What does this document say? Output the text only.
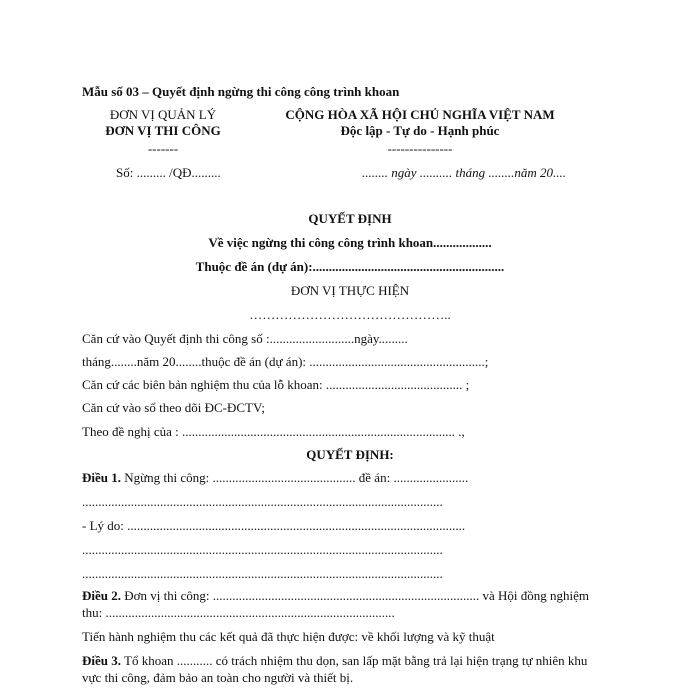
Mẫu số 03 – Quyết định ngừng thi công công trình khoan
ĐƠN VỊ QUẢN LÝ
ĐƠN VỊ THI CÔNG
-------
Số: ......... /QĐ.........
CỘNG HÒA XÃ HỘI CHỦ NGHĨA VIỆT NAM
Độc lập - Tự do - Hạnh phúc
---------------
........ ngày .......... tháng ........năm 20....
QUYẾT ĐỊNH
Về việc ngừng thi công công trình khoan..................
Thuộc đề án (dự án):...........................................................
ĐƠN VỊ THỰC HIỆN
………………………………………..
Căn cứ vào Quyết định thi công số :..........................ngày.........
tháng........năm 20........thuộc đề án (dự án): ......................................................;
Căn cứ các biên bản nghiệm thu của lỗ khoan: .......................................... ;
Căn cứ vào sổ theo dõi ĐC-ĐCTV;
Theo đề nghị của : .................................................................................... .,
QUYẾT ĐỊNH:
Điều 1. Ngừng thi công: ............................................ đề án: .......................
...............................................................................................................
- Lý do: ........................................................................................................
...............................................................................................................
...............................................................................................................
Điều 2. Đơn vị thi công: .................................................................................. và Hội đồng nghiệm
thu: .........................................................................................
Tiến hành nghiệm thu các kết quả đã thực hiện được: về khối lượng và kỹ thuật
Điều 3. Tổ khoan ........... có trách nhiệm thu dọn, san lấp mặt bằng trả lại hiện trạng tự nhiên khu
vực thi công, đảm bảo an toàn cho người và thiết bị.
